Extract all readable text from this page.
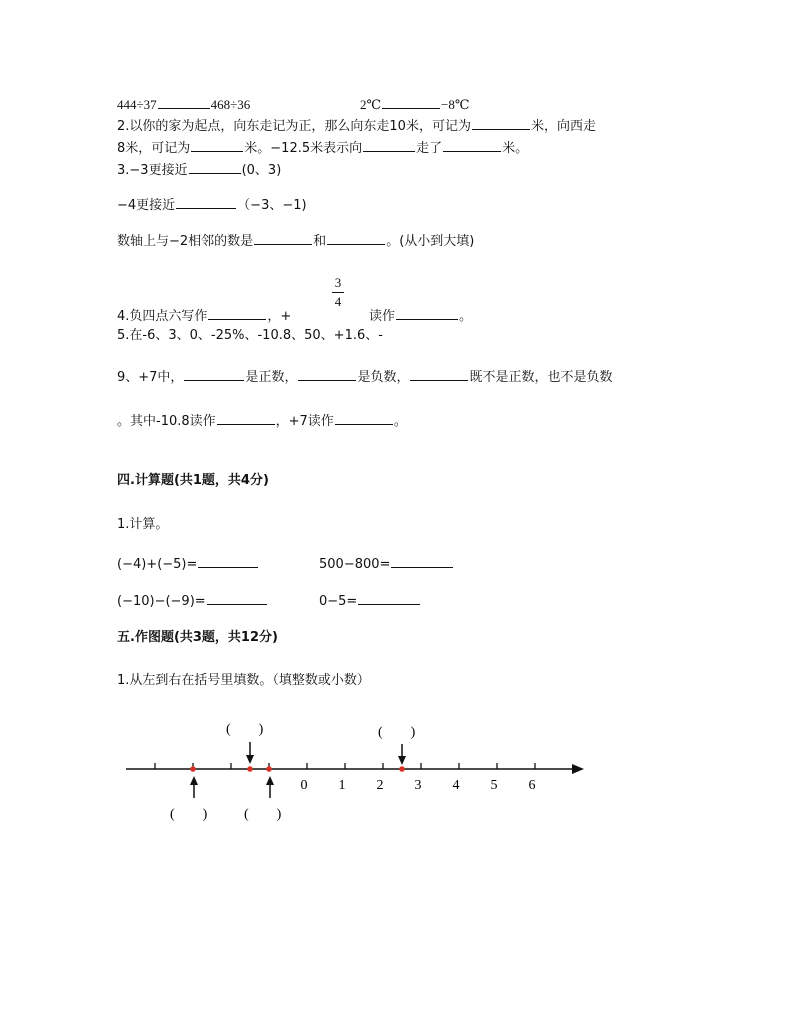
444÷37	468÷36	2℃	−8℃
2.以你的家为起点，向东走记为正，那么向东走10米，可记为	米，向西走
8米，可记为	米。−12.5米表示向	走了	米。
3.−3更接近	(0、3)
−4更接近	（−3、−1)
数轴上与−2相邻的数是	和	。(从小到大填)
4.负四点六写作	，+
3
4
读作	。
5.在-6、3、0、-25%、-10.8、50、+1.6、-
9、+7中，	是正数，	是负数，	既不是正数，也不是负数
。其中-10.8读作	，+7读作	。
四.计算题(共1题，共4分)
1.计算。
(−4)+(−5)=	500−800=
(−10)−(−9)=	0−5=
五.作图题(共3题，共12分)
1.从左到右在括号里填数。（填整数或小数）
0 1 2 3 4 5 6
(　　)	(　　)
(　　)	(　　)
